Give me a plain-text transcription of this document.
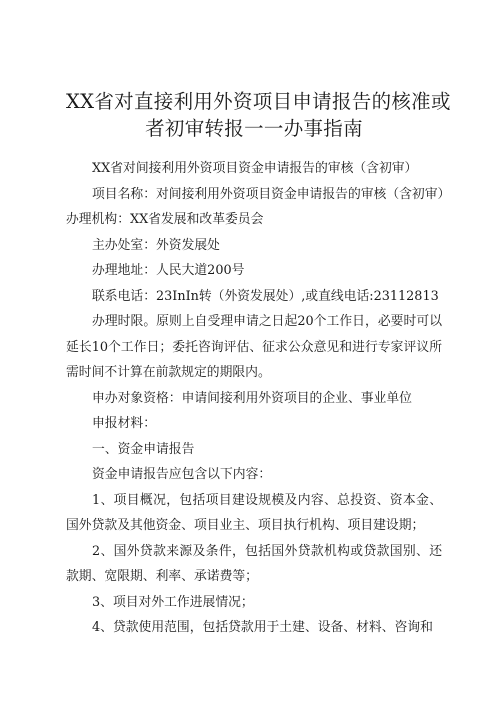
XX省对直接利用外资项目申请报告的核准或
者初审转报一一办事指南

XX省对间接利用外资项目资金申请报告的审核（含初审）

项目名称：对间接利用外资项目资金申请报告的审核（含初审）

办理机构：XX省发展和改革委员会

主办处室：外资发展处

办理地址：人民大道200号

联系电话：23InIn转（外资发展处）,或直线电话:23112813

办理时限。原则上自受理申请之日起20个工作日，必要时可以延长10个工作日；委托咨询评估、征求公众意见和进行专家评议所需时间不计算在前款规定的期限内。

申办对象资格：申请间接利用外资项目的企业、事业单位

申报材料：

一、资金申请报告

资金申请报告应包含以下内容：

1、项目概况，包括项目建设规模及内容、总投资、资本金、国外贷款及其他资金、项目业主、项目执行机构、项目建设期；

2、国外贷款来源及条件，包括国外贷款机构或贷款国别、还款期、宽限期、利率、承诺费等；

3、项目对外工作进展情况；

4、贷款使用范围，包括贷款用于土建、设备、材料、咨询和
